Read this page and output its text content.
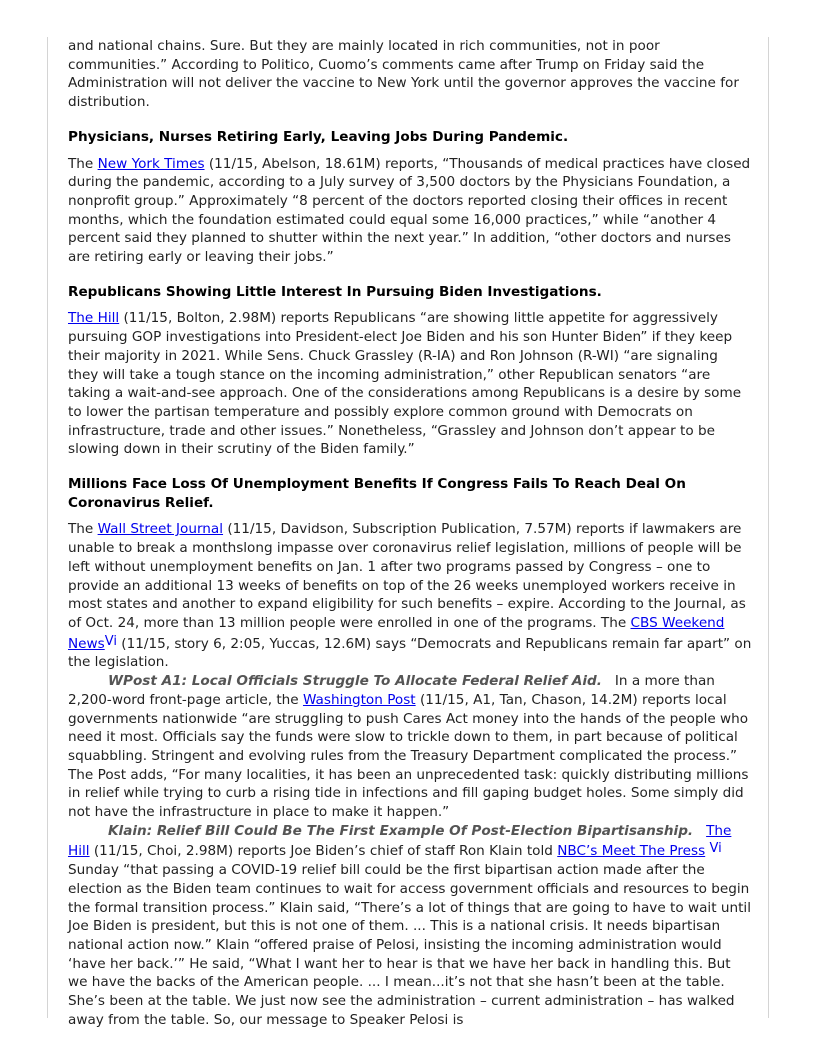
and national chains. Sure. But they are mainly located in rich communities, not in poor communities.” According to Politico, Cuomo’s comments came after Trump on Friday said the Administration will not deliver the vaccine to New York until the governor approves the vaccine for distribution.

Physicians, Nurses Retiring Early, Leaving Jobs During Pandemic.

The New York Times (11/15, Abelson, 18.61M) reports, “Thousands of medical practices have closed during the pandemic, according to a July survey of 3,500 doctors by the Physicians Foundation, a nonprofit group.” Approximately “8 percent of the doctors reported closing their offices in recent months, which the foundation estimated could equal some 16,000 practices,” while “another 4 percent said they planned to shutter within the next year.” In addition, “other doctors and nurses are retiring early or leaving their jobs.”

Republicans Showing Little Interest In Pursuing Biden Investigations.

The Hill (11/15, Bolton, 2.98M) reports Republicans “are showing little appetite for aggressively pursuing GOP investigations into President-elect Joe Biden and his son Hunter Biden” if they keep their majority in 2021. While Sens. Chuck Grassley (R-IA) and Ron Johnson (R-WI) “are signaling they will take a tough stance on the incoming administration,” other Republican senators “are taking a wait-and-see approach. One of the considerations among Republicans is a desire by some to lower the partisan temperature and possibly explore common ground with Democrats on infrastructure, trade and other issues.” Nonetheless, “Grassley and Johnson don’t appear to be slowing down in their scrutiny of the Biden family.”

Millions Face Loss Of Unemployment Benefits If Congress Fails To Reach Deal On Coronavirus Relief.

The Wall Street Journal (11/15, Davidson, Subscription Publication, 7.57M) reports if lawmakers are unable to break a monthslong impasse over coronavirus relief legislation, millions of people will be left without unemployment benefits on Jan. 1 after two programs passed by Congress – one to provide an additional 13 weeks of benefits on top of the 26 weeks unemployed workers receive in most states and another to expand eligibility for such benefits – expire. According to the Journal, as of Oct. 24, more than 13 million people were enrolled in one of the programs. The CBS Weekend NewsVi (11/15, story 6, 2:05, Yuccas, 12.6M) says “Democrats and Republicans remain far apart” on the legislation.

WPost A1: Local Officials Struggle To Allocate Federal Relief Aid.   In a more than 2,200-word front-page article, the Washington Post (11/15, A1, Tan, Chason, 14.2M) reports local governments nationwide “are struggling to push Cares Act money into the hands of the people who need it most. Officials say the funds were slow to trickle down to them, in part because of political squabbling. Stringent and evolving rules from the Treasury Department complicated the process.” The Post adds, “For many localities, it has been an unprecedented task: quickly distributing millions in relief while trying to curb a rising tide in infections and fill gaping budget holes. Some simply did not have the infrastructure in place to make it happen.”

Klain: Relief Bill Could Be The First Example Of Post-Election Bipartisanship. The Hill (11/15, Choi, 2.98M) reports Joe Biden’s chief of staff Ron Klain told NBC’s Meet The Press Vi Sunday “that passing a COVID-19 relief bill could be the first bipartisan action made after the election as the Biden team continues to wait for access government officials and resources to begin the formal transition process.” Klain said, “There’s a lot of things that are going to have to wait until Joe Biden is president, but this is not one of them. ... This is a national crisis. It needs bipartisan national action now.” Klain “offered praise of Pelosi, insisting the incoming administration would ‘have her back.’” He said, “What I want her to hear is that we have her back in handling this. But we have the backs of the American people. ... I mean...it’s not that she hasn’t been at the table. She’s been at the table. We just now see the administration – current administration – has walked away from the table. So, our message to Speaker Pelosi is
